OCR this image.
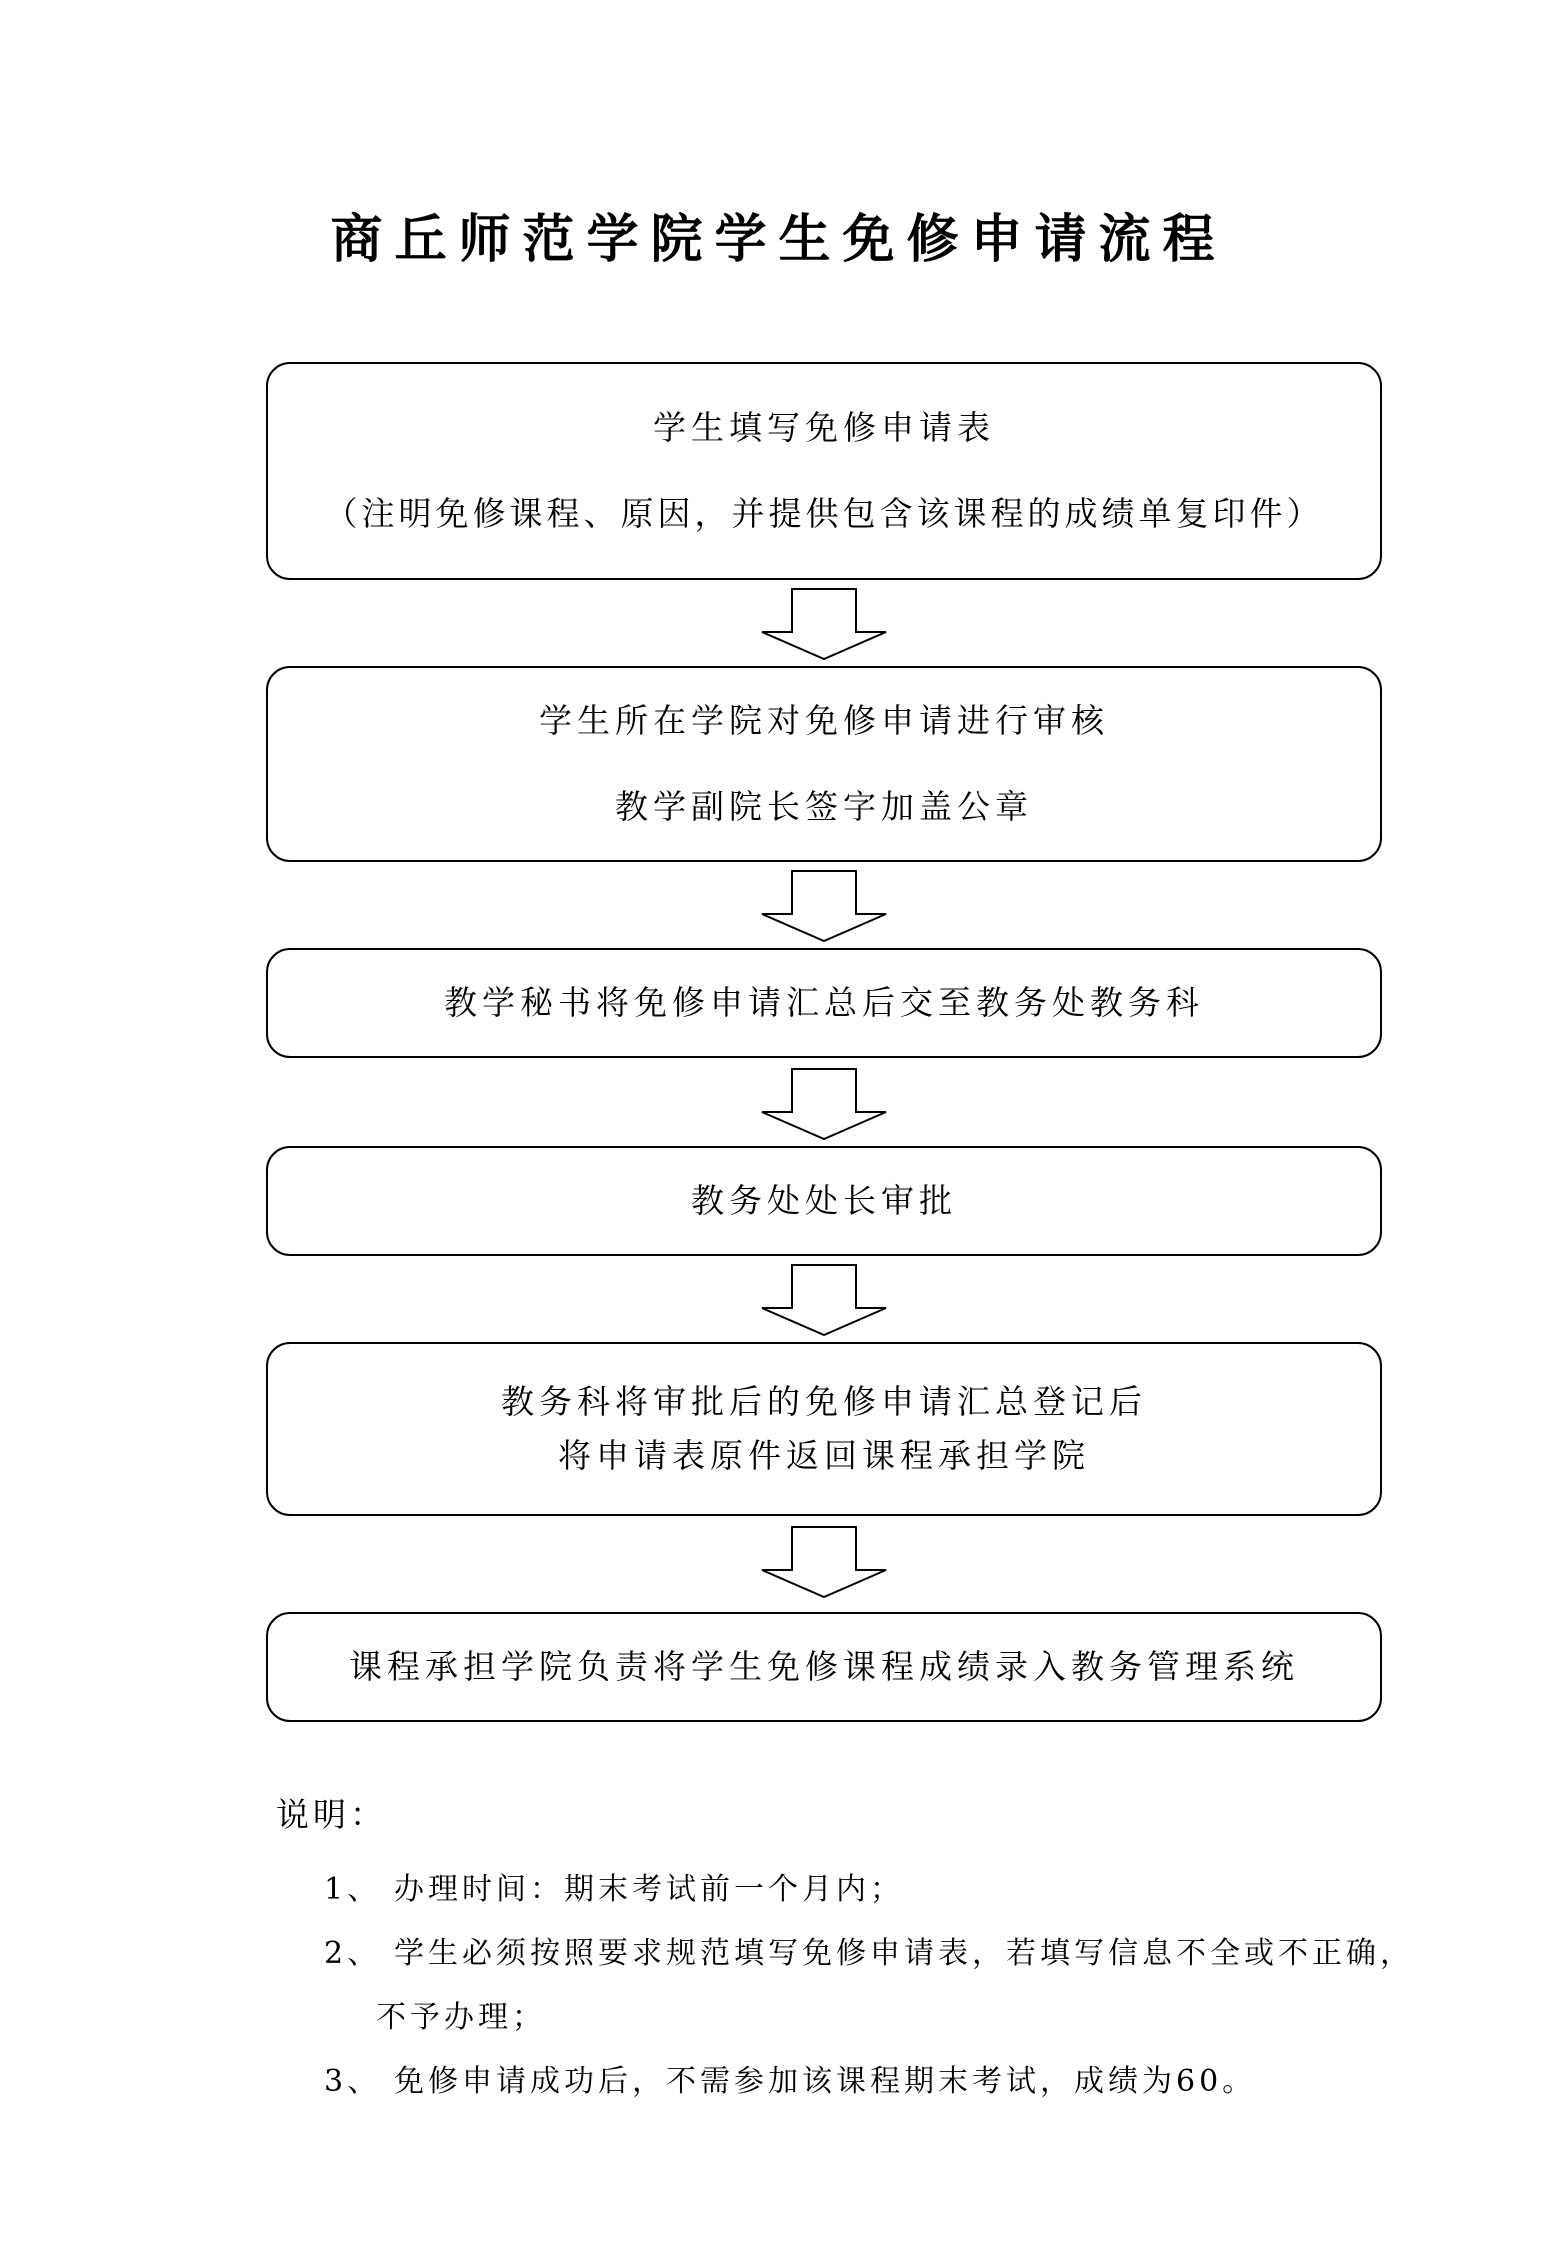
商丘师范学院学生免修申请流程
学生填写免修申请表
（注明免修课程、原因，并提供包含该课程的成绩单复印件）
学生所在学院对免修申请进行审核
教学副院长签字加盖公章
教学秘书将免修申请汇总后交至教务处教务科
教务处处长审批
教务科将审批后的免修申请汇总登记后
将申请表原件返回课程承担学院
课程承担学院负责将学生免修课程成绩录入教务管理系统
说明：
1、 办理时间：期末考试前一个月内；
2、 学生必须按照要求规范填写免修申请表，若填写信息不全或不正确，
不予办理；
3、 免修申请成功后，不需参加该课程期末考试，成绩为60。
